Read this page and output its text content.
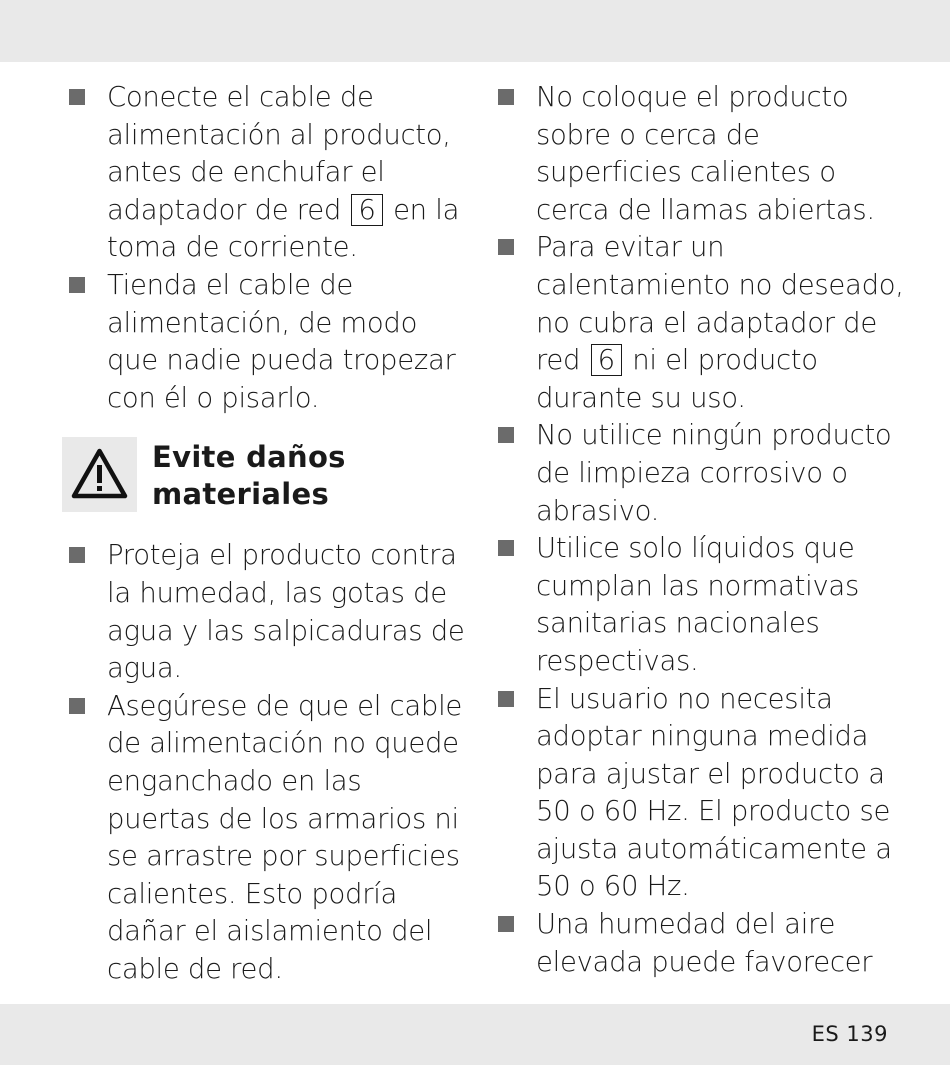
Conecte el cable de alimentación al producto, antes de enchufar el adaptador de red 6 en la toma de corriente.
Tienda el cable de alimentación, de modo que nadie pueda tropezar con él o pisarlo.
Evite daños
materiales
Proteja el producto contra la humedad, las gotas de agua y las salpicaduras de agua.
Asegúrese de que el cable de alimentación no quede enganchado en las puertas de los armarios ni se arrastre por superficies calientes. Esto podría dañar el aislamiento del cable de red.
No coloque el producto sobre o cerca de superficies calientes o cerca de llamas abiertas.
Para evitar un calentamiento no deseado, no cubra el adaptador de red 6 ni el producto durante su uso.
No utilice ningún producto de limpieza corrosivo o abrasivo.
Utilice solo líquidos que cumplan las normativas sanitarias nacionales respectivas.
El usuario no necesita adoptar ninguna medida para ajustar el producto a 50 o 60 Hz. El producto se ajusta automáticamente a 50 o 60 Hz.
Una humedad del aire elevada puede favorecer
ES 139
